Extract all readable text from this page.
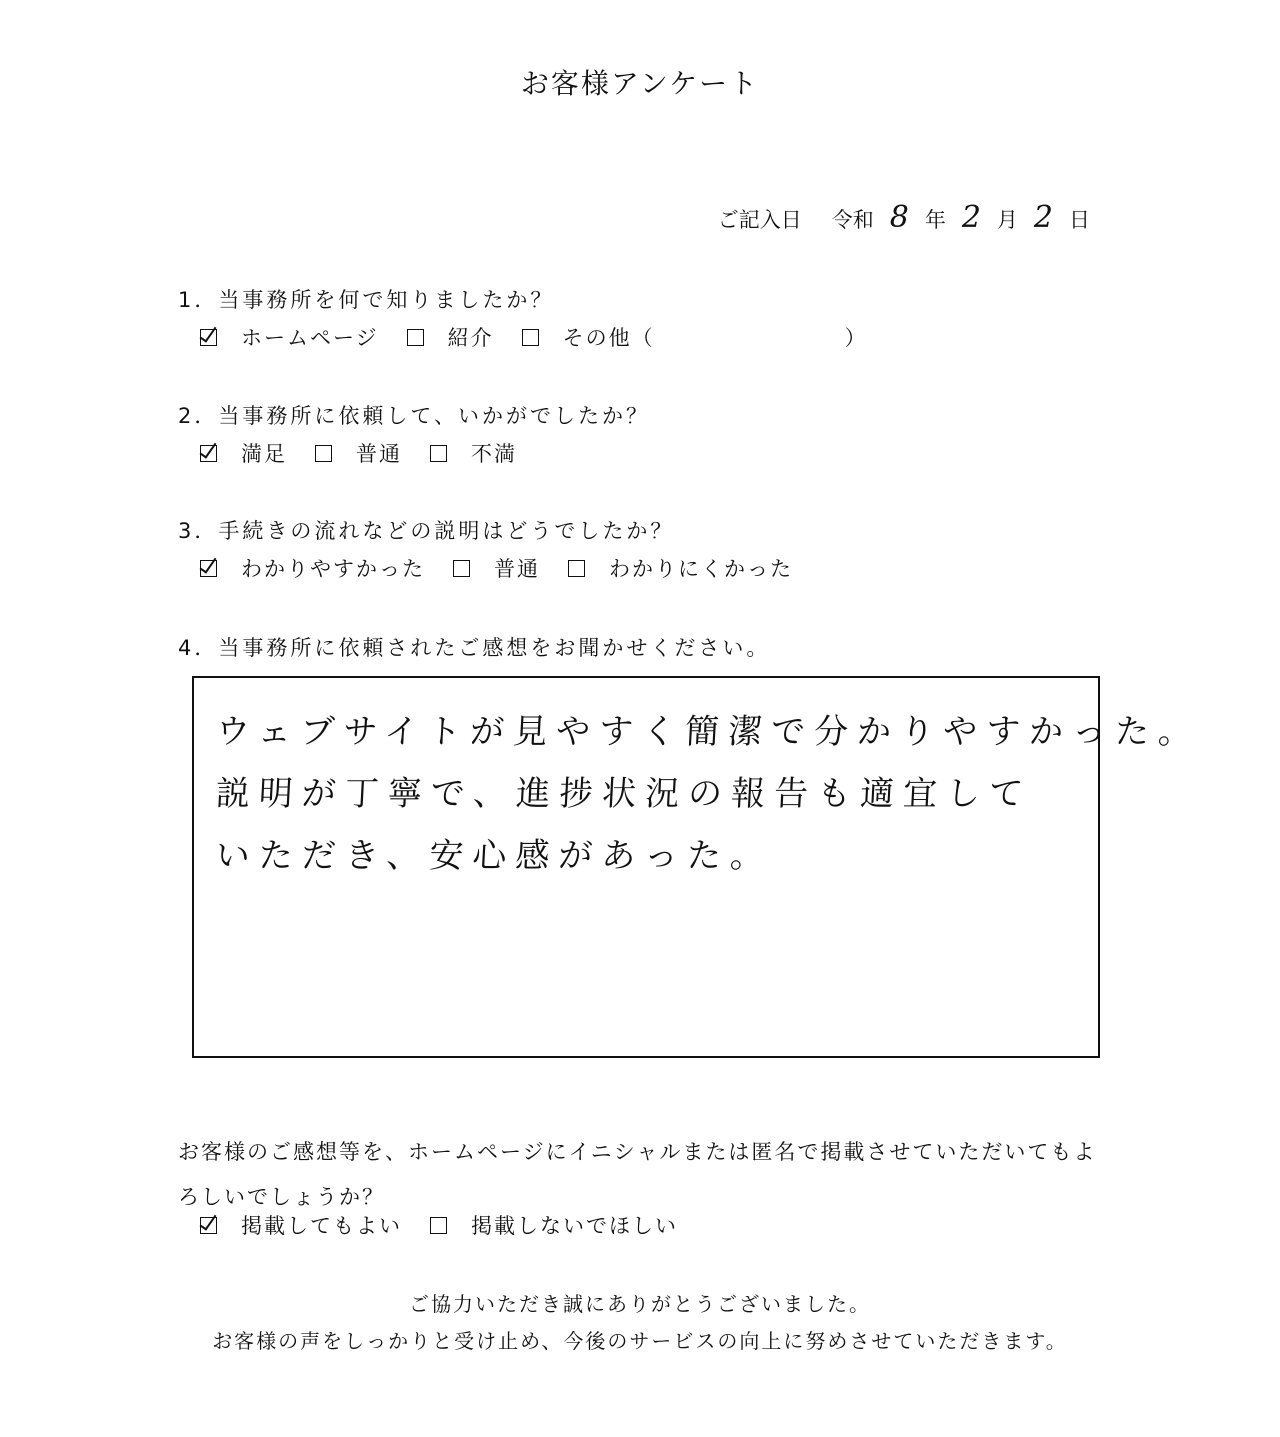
お客様アンケート
ご記入日 令和 8 年 2 月 2 日
1．当事務所を何で知りましたか？
ホームページ	紹介	その他（	）
2．当事務所に依頼して、いかがでしたか？
満足	普通	不満
3．手続きの流れなどの説明はどうでしたか？
わかりやすかった	普通	わかりにくかった
4．当事務所に依頼されたご感想をお聞かせください。
ウェブサイトが見やすく簡潔で分かりやすかった。
説明が丁寧で、進捗状況の報告も適宜して
いただき、安心感があった。
お客様のご感想等を、ホームページにイニシャルまたは匿名で掲載させていただいてもよろしいでしょうか？
掲載してもよい	掲載しないでほしい
ご協力いただき誠にありがとうございました。
お客様の声をしっかりと受け止め、今後のサービスの向上に努めさせていただきます。
